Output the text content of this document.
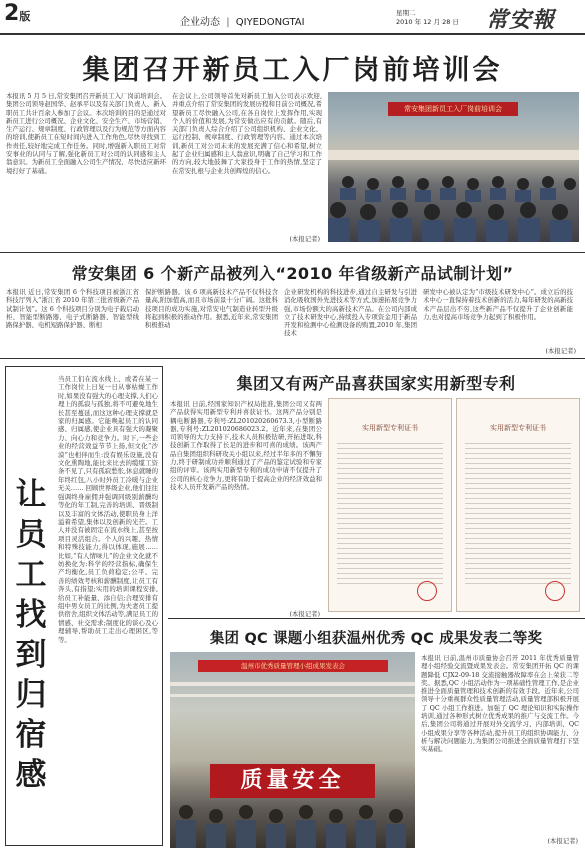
2版	企业动态 | QIYEDONGTAI
星期二
2010 年 12 月 28 日 常安報
集团召开新员工入厂岗前培训会
本报讯 5 月 5 日,常安集团召开新员工入厂岗前培训会。集团公司领导赵国华、赵承平以及有关部门负责人、新入职员工共计百余人参加了会议。本次培训的目的是通过对新员工进行公司概况、企业文化、安全生产、市场营销、生产运行、规章制度、行政管理以及行为规范等方面内容的培训,使新员工在短时间内进入工作角色,尽快寻找到工作责任,较好地完成工作任务。同时,增强新入职员工对常安事业的认同与了解,强化新员工对公司的认同感和主人翁意识。为新员工全面融入公司生产情况、尽快适应新环境打好了基础。
在会议上,公司领导首先对新员工加入公司表示欢迎,并重点介绍了常安集团的发展历程和目前公司概况,希望新员工尽快融入公司,在各自岗位上发挥作用,实现个人的价值和发展,为常安做出应有的贡献。随后,有关部门负责人综合介绍了公司组织机构、企业文化、运行控制、规章制度、行政管理等内容。通过本次培训,新员工对公司未来的发展充满了信心和希望,树立起了企业归属感和主人翁意识,明确了自己学习和工作的方向,较大地鼓舞了大家投身于工作的热情,坚定了在常安扎根与企业共创辉煌的信心。
(本报记者)
常安集团新员工入厂岗前培训会
常安集团 6 个新产品被列入“2010 年省级新产品试制计划”
本报讯 近日,常安集团 6 个科技项目被浙江省科技厅列入“浙江省 2010 年第三批省级新产品试制计划”。这 6 个科技项目分别为电子载启动柜、智能型断路器、电子式断路器、智能型线路保护器、电机短路保护器、断相
保护断路器。该 6 项高新技术产品不仅科技含量高,附加值高,而且市场前景十分广阔。这批科技项目的成功实施,对常安电气制造业转型升级将起到积极的推动作用。据悉,近年来,常安集团积极推动
企业研发机构的科技进步,通过自主研发与引进消化吸收国外先进技术等方式,加速拓展竞争力强,市场份额大的高新技术产品。在公司内部成立了技术研发中心,持续投入专项资金用于新品开发和检测中心检测设备的购置,2010 年,集团技术
研发中心被认定为“市级技术研发中心”。成立后的技术中心一直保持着技术创新的活力,每年研发的高新技术产品层出不穷,这些新产品不仅提升了企业创新能力,也对提高市场竞争力起到了积极作用。
(本报记者)
让员工找到归宿感
当员工们在流水线上、或者在某一工作岗位上日复一日从事枯燥工作时,如果没有强大的心理支撑,人们心理上的孤寂与孤独,将不可避免地生长甚至蔓延,而这这种心理支撑就是家的归属感。它能唤起员工的认同感、归属感,使企业具有强大的凝聚力、向心力和竞争力。时下,一些企业的经营效益节节上扬,但文化“沙漠”也相伴而生:没有娱乐设施,没有文化熏陶地,能比来比去的缆缆工资条不见了,只有孤寂愁怅,休息就睡的年终红包,八小时外员工冷暖与企业无关…… 回顾世界级企业,他们往往强调终身雇佣并强调同级别薪酬均等化的年工制,完善的培训、晋级制以及丰富的文体活动,使职员身上洋溢着希望,集体以及创新的光芒。工人并没有被固定在流水线上,甚至按项目灵活组合。个人的兴趣、热情和特殊技能力,得以体现,施展…… 比如,“有人情味儿”的企业文化就不妨换化为:科学的经营指标,确保生产均衡化,员工负荷稳定;公平、完善的绩效考核和薪酬制度,让员工有奔头,有指望;实用的培训课程安排,给员工补能量、添自信;合理安排有组中男女员工的比例,为夫妻员工提供宿舍,组织文体活动等,满足员工的情感、社交需求;制度化的谈心及心理辅导,帮助员工走出心理困区,等等。
集团又有两产品喜获国家实用新型专利
本报讯 日前,经国家知识产权局批准,集团公司又有两产品获得实用新型专利并喜获证书。这两产品分别是耦电断路器,专利号:ZL201020260673.3,小型断路器,专利号:ZL201020686023.2。近年来,在集团公司领导的大力支持下,技术人员积极钻研,开拓进取,科技创新工作取得了长足的进步和可喜的成绩。该两产品自集团组织科研攻关小组以来,经过半年多的不懈努力,终于研制成功并顺利通过了产品的鉴定试验和专家组的评审。该两实用新型专利的成功申请不仅提升了公司的核心竞争力,更将有助于提高企业的经济效益和技术人员开发新产品的热情。
(本报记者)
实用新型专利证书	实用新型专利证书
集团 QC 课题小组获温州优秀 QC 成果发表二等奖
温州市优秀质量管理小组成果发表会
质量安全
本报讯 日前,温州市质量协会召开 2011 年优秀质量管理小组经验交流暨成果发表会。常安集团开拓 QC 的课题降低 CJX2-09-18 交流接触器故障率在会上荣获二等奖。据悉,QC 小组活动作为一项基础性管理工作,是企业推进全面质量管理和技术创新的有效手段。近年来,公司领导十分重视群众性质量管理活动,质量管理部积极开展了 QC 小组工作推进。加强了 QC 理论知识和实际操作培训,通过各种形式树立优秀成果的推广与交流工作。今后,集团公司将通过开展对外交流学习、内部培训、QC 小组成果分享等各种活动,提升员工的组织协调能力、分析与解决问题能力,为集团公司推进全面质量管理打下坚实基础。
(本报记者)
